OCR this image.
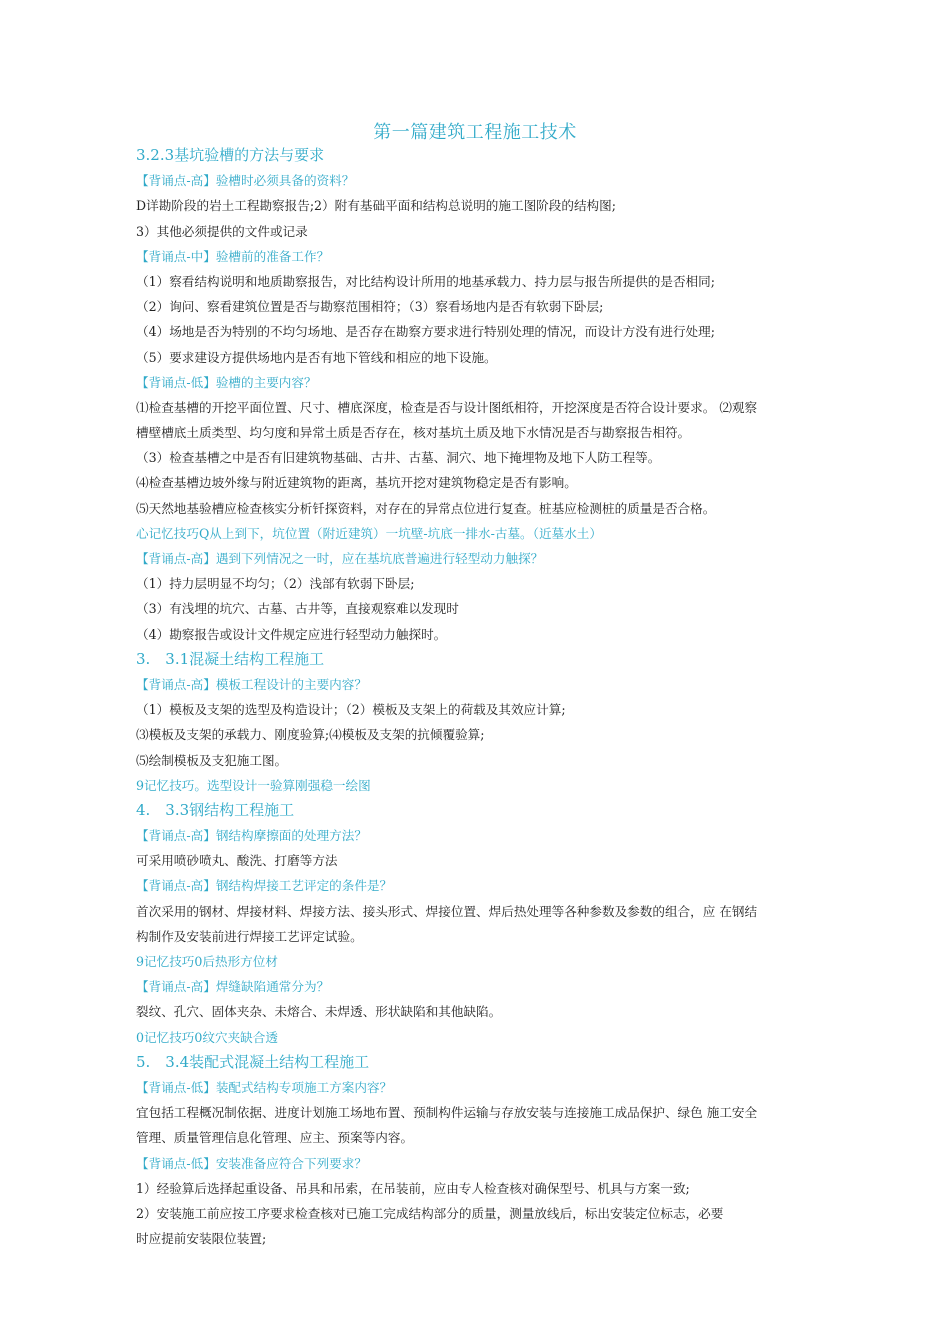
第一篇建筑工程施工技术
3.2.3基坑验槽的方法与要求
【背诵点-高】验槽时必须具备的资料？
D详勘阶段的岩土工程勘察报告;2）附有基础平面和结构总说明的施工图阶段的结构图;
3）其他必须提供的文件或记录
【背诵点-中】验槽前的准备工作？
（1）察看结构说明和地质勘察报告，对比结构设计所用的地基承载力、持力层与报告所提供的是否相同;
（2）询问、察看建筑位置是否与勘察范围相符；（3）察看场地内是否有软弱下卧层;
（4）场地是否为特别的不均匀场地、是否存在勘察方要求进行特别处理的情况，而设计方没有进行处理;
（5）要求建设方提供场地内是否有地下管线和相应的地下设施。
【背诵点-低】验槽的主要内容？
⑴检查基槽的开挖平面位置、尺寸、槽底深度，检查是否与设计图纸相符，开挖深度是否符合设计要求。 ⑵观察
槽壁槽底土质类型、均匀度和异常土质是否存在，核对基坑土质及地下水情况是否与勘察报告相符。
（3）检查基槽之中是否有旧建筑物基础、古井、古墓、洞穴、地下掩埋物及地下人防工程等。
⑷检查基槽边坡外缘与附近建筑物的距离，基坑开挖对建筑物稳定是否有影响。
⑸天然地基验槽应检查核实分析钎探资料，对存在的异常点位进行复查。桩基应检测桩的质量是否合格。
心记忆技巧Q从上到下，坑位置（附近建筑）一坑壁-坑底一排水-古墓。（近墓水土）
【背诵点-高】遇到下列情况之一时，应在基坑底普遍进行轻型动力触探？
（1）持力层明显不均匀；（2）浅部有软弱下卧层;
（3）有浅埋的坑穴、古墓、古井等，直接观察难以发现时
（4）勘察报告或设计文件规定应进行轻型动力触探时。
3.　3.1混凝土结构工程施工
【背诵点-高】模板工程设计的主要内容？
（1）模板及支架的选型及构造设计；（2）模板及支架上的荷载及其效应计算;
⑶模板及支架的承载力、刚度验算;⑷模板及支架的抗倾覆验算;
⑸绘制模板及支犯施工图。
9记忆技巧。选型设计一验算刚强稳一绘图
4.　3.3钢结构工程施工
【背诵点-高】钢结构摩擦面的处理方法？
可采用喷砂喷丸、酸洗、打磨等方法
【背诵点-高】钢结构焊接工艺评定的条件是？
首次采用的钢材、焊接材料、焊接方法、接头形式、焊接位置、焊后热处理等各种参数及参数的组合，应 在钢结
构制作及安装前进行焊接工艺评定试验。
9记忆技巧0后热形方位材
【背诵点-高】焊缝缺陷通常分为？
裂纹、孔穴、固体夹杂、未熔合、未焊透、形状缺陷和其他缺陷。
0记忆技巧0纹穴夹缺合透
5.　3.4装配式混凝土结构工程施工
【背诵点-低】装配式结构专项施工方案内容？
宜包括工程概况制依据、进度计划施工场地布置、预制构件运输与存放安装与连接施工成品保护、绿色 施工安全
管理、质量管理信息化管理、应主、预案等内容。
【背诵点-低】安装准备应符合下列要求？
1）经验算后选择起重设备、吊具和吊索，在吊装前，应由专人检查核对确保型号、机具与方案一致;
2）安装施工前应按工序要求检查核对已施工完成结构部分的质量，测量放线后，标出安装定位标志，必要
时应提前安装限位装置;
